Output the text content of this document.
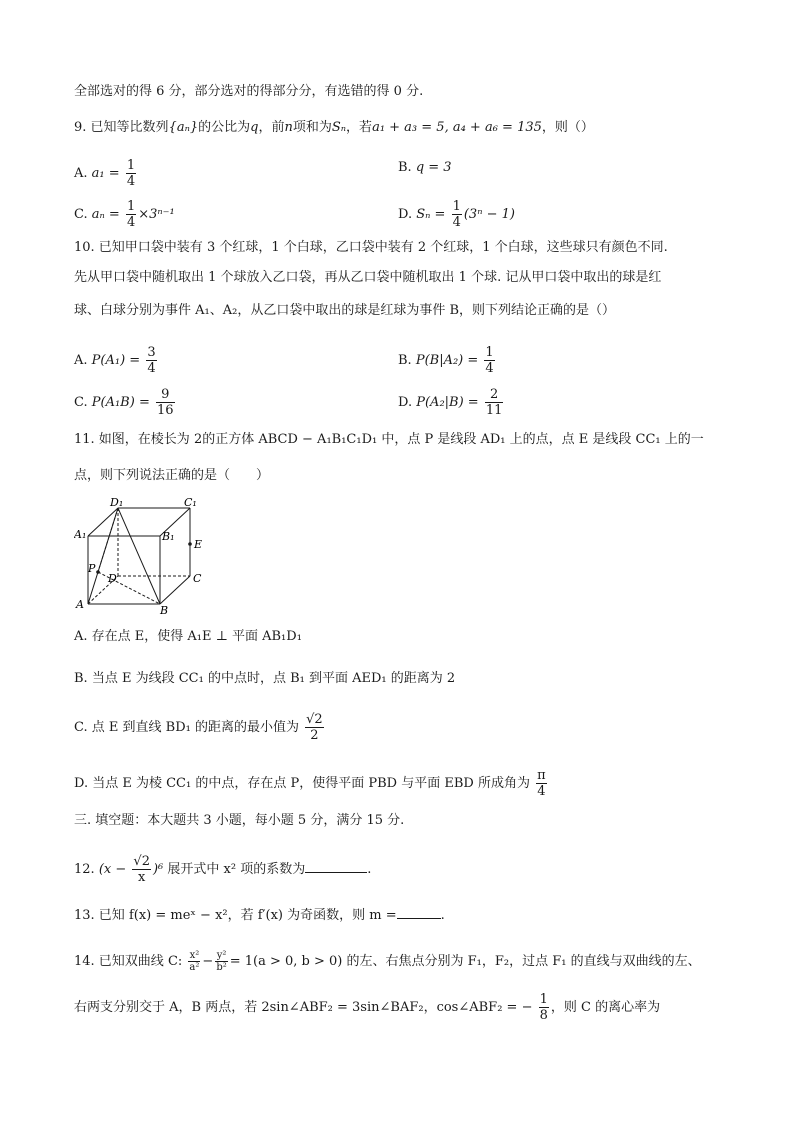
全部选对的得 6 分，部分选对的得部分分，有选错的得 0 分.
9. 已知等比数列{aₙ}的公比为q，前n项和为Sₙ，若a₁ + a₃ = 5, a₄ + a₆ = 135，则（）
A. $a_1 = \frac{1}{4}$	B. q = 3
C. $a_n = \frac{1}{4} \times 3^{n-1}$	D. $S_n = \frac{1}{4} (3^n - 1)$
10. 已知甲口袋中装有 3 个红球，1 个白球，乙口袋中装有 2 个红球，1 个白球，这些球只有颜色不同.
先从甲口袋中随机取出 1 个球放入乙口袋，再从乙口袋中随机取出 1 个球. 记从甲口袋中取出的球是红
球、白球分别为事件 A₁、A₂，从乙口袋中取出的球是红球为事件 B，则下列结论正确的是（）
A. $P(A_1) = \frac{3}{4}$	B. $P(B|A_2) = \frac{1}{4}$
C. $P(A_1B) = \frac{9}{16}$	D. $P(A_2|B) = \frac{2}{11}$
11. 如图，在棱长为 2的正方体 ABCD − A₁B₁C₁D₁ 中，点 P 是线段 AD₁ 上的点，点 E 是线段 CC₁ 上的一
点，则下列说法正确的是（　　）
D₁	C₁
A₁	B₁
E
P
D	C
A	B
A. 存在点 E，使得 A₁E ⊥ 平面 AB₁D₁
B. 当点 E 为线段 CC₁ 的中点时，点 B₁ 到平面 AED₁ 的距离为 2
C. 点 E 到直线 BD₁ 的距离的最小值为 $\frac{√2}{2}$
D. 当点 E 为棱 CC₁ 的中点，存在点 P，使得平面 PBD 与平面 EBD 所成角为 $\frac{\pi}{4}$
三. 填空题：本大题共 3 小题，每小题 5 分，满分 15 分.
12. $(x - \frac{√2}{x} )^6$ 展开式中 x² 项的系数为	.
13. 已知 f(x) = meˣ − x²，若 f′(x) 为奇函数，则 m =	.
14. 已知双曲线 C: $\frac{\text{x²}}{\text{a²}} - \frac{\text{y²}}{\text{b²}} = 1(a > 0$, b > 0) 的左、右焦点分别为 F₁，F₂，过点 F₁ 的直线与双曲线的左、
右两支分别交于 A，B 两点，若 2sin∠ABF₂ = 3sin∠BAF₂，cos∠ABF₂ = − $\frac{1}{8}$ ，则 C 的离心率为
